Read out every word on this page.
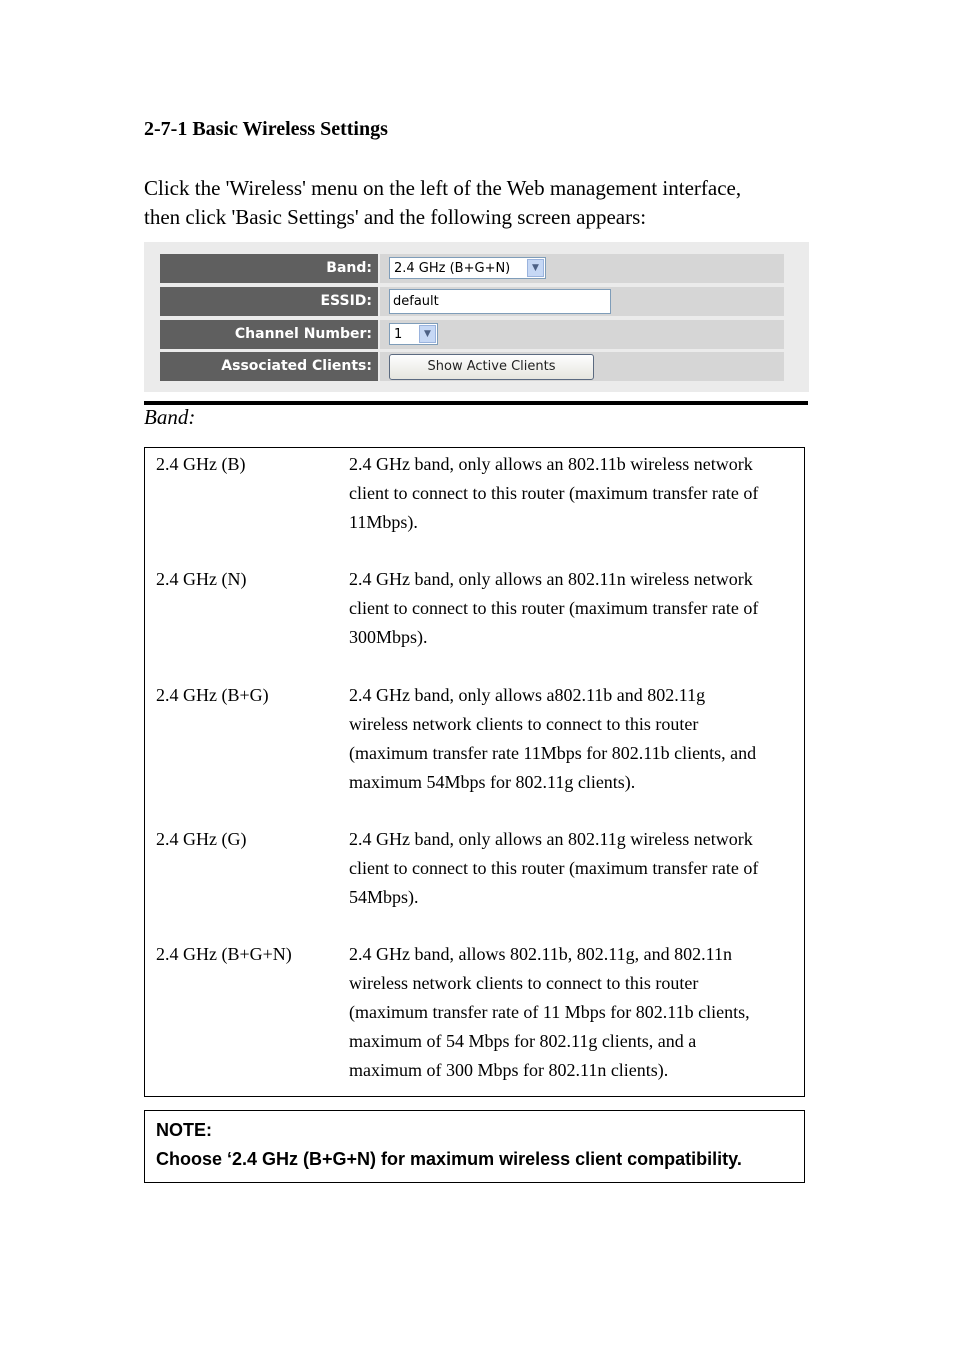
2-7-1 Basic Wireless Settings

Click the 'Wireless' menu on the left of the Web management interface,

then click 'Basic Settings' and the following screen appears:

Band:	2.4 GHz (B+G+N)	▼
ESSID:	default
Channel Number:	1	▼
Associated Clients:	Show Active Clients
Band:
2.4 GHz (B)	2.4 GHz band, only allows an 802.11b wireless network
client to connect to this router (maximum transfer rate of
11Mbps).
2.4 GHz (N)	2.4 GHz band, only allows an 802.11n wireless network
client to connect to this router (maximum transfer rate of
300Mbps).
2.4 GHz (B+G)	2.4 GHz band, only allows a802.11b and 802.11g
wireless network clients to connect to this router
(maximum transfer rate 11Mbps for 802.11b clients, and
maximum 54Mbps for 802.11g clients).
2.4 GHz (G)	2.4 GHz band, only allows an 802.11g wireless network
client to connect to this router (maximum transfer rate of
54Mbps).
2.4 GHz (B+G+N)	2.4 GHz band, allows 802.11b, 802.11g, and 802.11n
wireless network clients to connect to this router
(maximum transfer rate of 11 Mbps for 802.11b clients,
maximum of 54 Mbps for 802.11g clients, and a
maximum of 300 Mbps for 802.11n clients).
NOTE:
Choose ‘2.4 GHz (B+G+N) for maximum wireless client compatibility.
